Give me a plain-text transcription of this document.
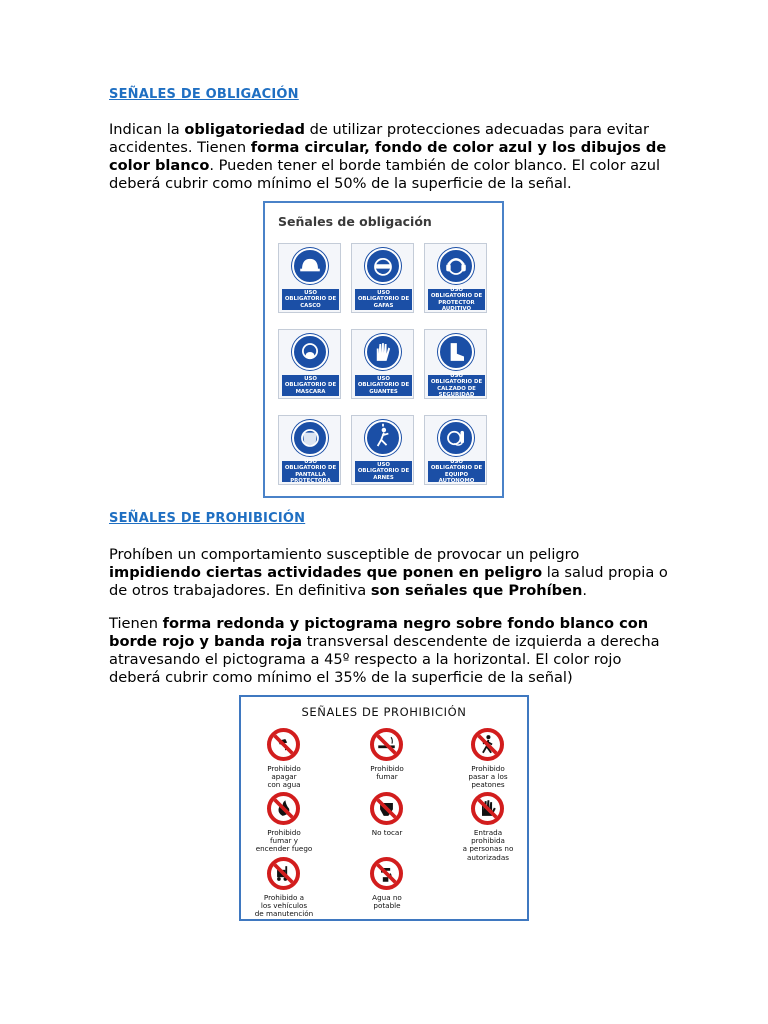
SEÑALES DE OBLIGACIÓN

Indican la obligatoriedad de utilizar protecciones adecuadas para evitar accidentes. Tienen forma circular, fondo de color azul y los dibujos de color blanco. Pueden tener el borde también de color blanco. El color azul deberá cubrir como mínimo el 50% de la superficie de la señal.

Señales de obligación
USO OBLIGATORIO DE CASCO
USO OBLIGATORIO DE GAFAS
USO OBLIGATORIO DE PROTECTOR AUDITIVO
USO OBLIGATORIO DE MASCARA
USO OBLIGATORIO DE GUANTES
USO OBLIGATORIO DE CALZADO DE SEGURIDAD
USO OBLIGATORIO DE PANTALLA PROTECTORA
USO OBLIGATORIO DE ARNES
USO OBLIGATORIO DE EQUIPO AUTONOMO
SEÑALES DE PROHIBICIÓN

Prohíben un comportamiento susceptible de provocar un peligro impidiendo ciertas actividades que ponen en peligro la salud propia o de otros trabajadores. En definitiva son señales que Prohíben.

Tienen forma redonda y pictograma negro sobre fondo blanco con borde rojo y banda roja transversal descendente de izquierda a derecha atravesando el pictograma a 45º respecto a la horizontal. El color rojo deberá cubrir como mínimo el 35% de la superficie de la señal)

SEÑALES DE PROHIBICIÓN
Prohibido
apagar
con agua
Prohibido
fumar
Prohibido
pasar a los
peatones
Prohibido
fumar y
encender fuego
No tocar	Entrada
prohibida
a personas no
autorizadas
Prohibido a
los vehículos
de manutención
Agua no
potable
